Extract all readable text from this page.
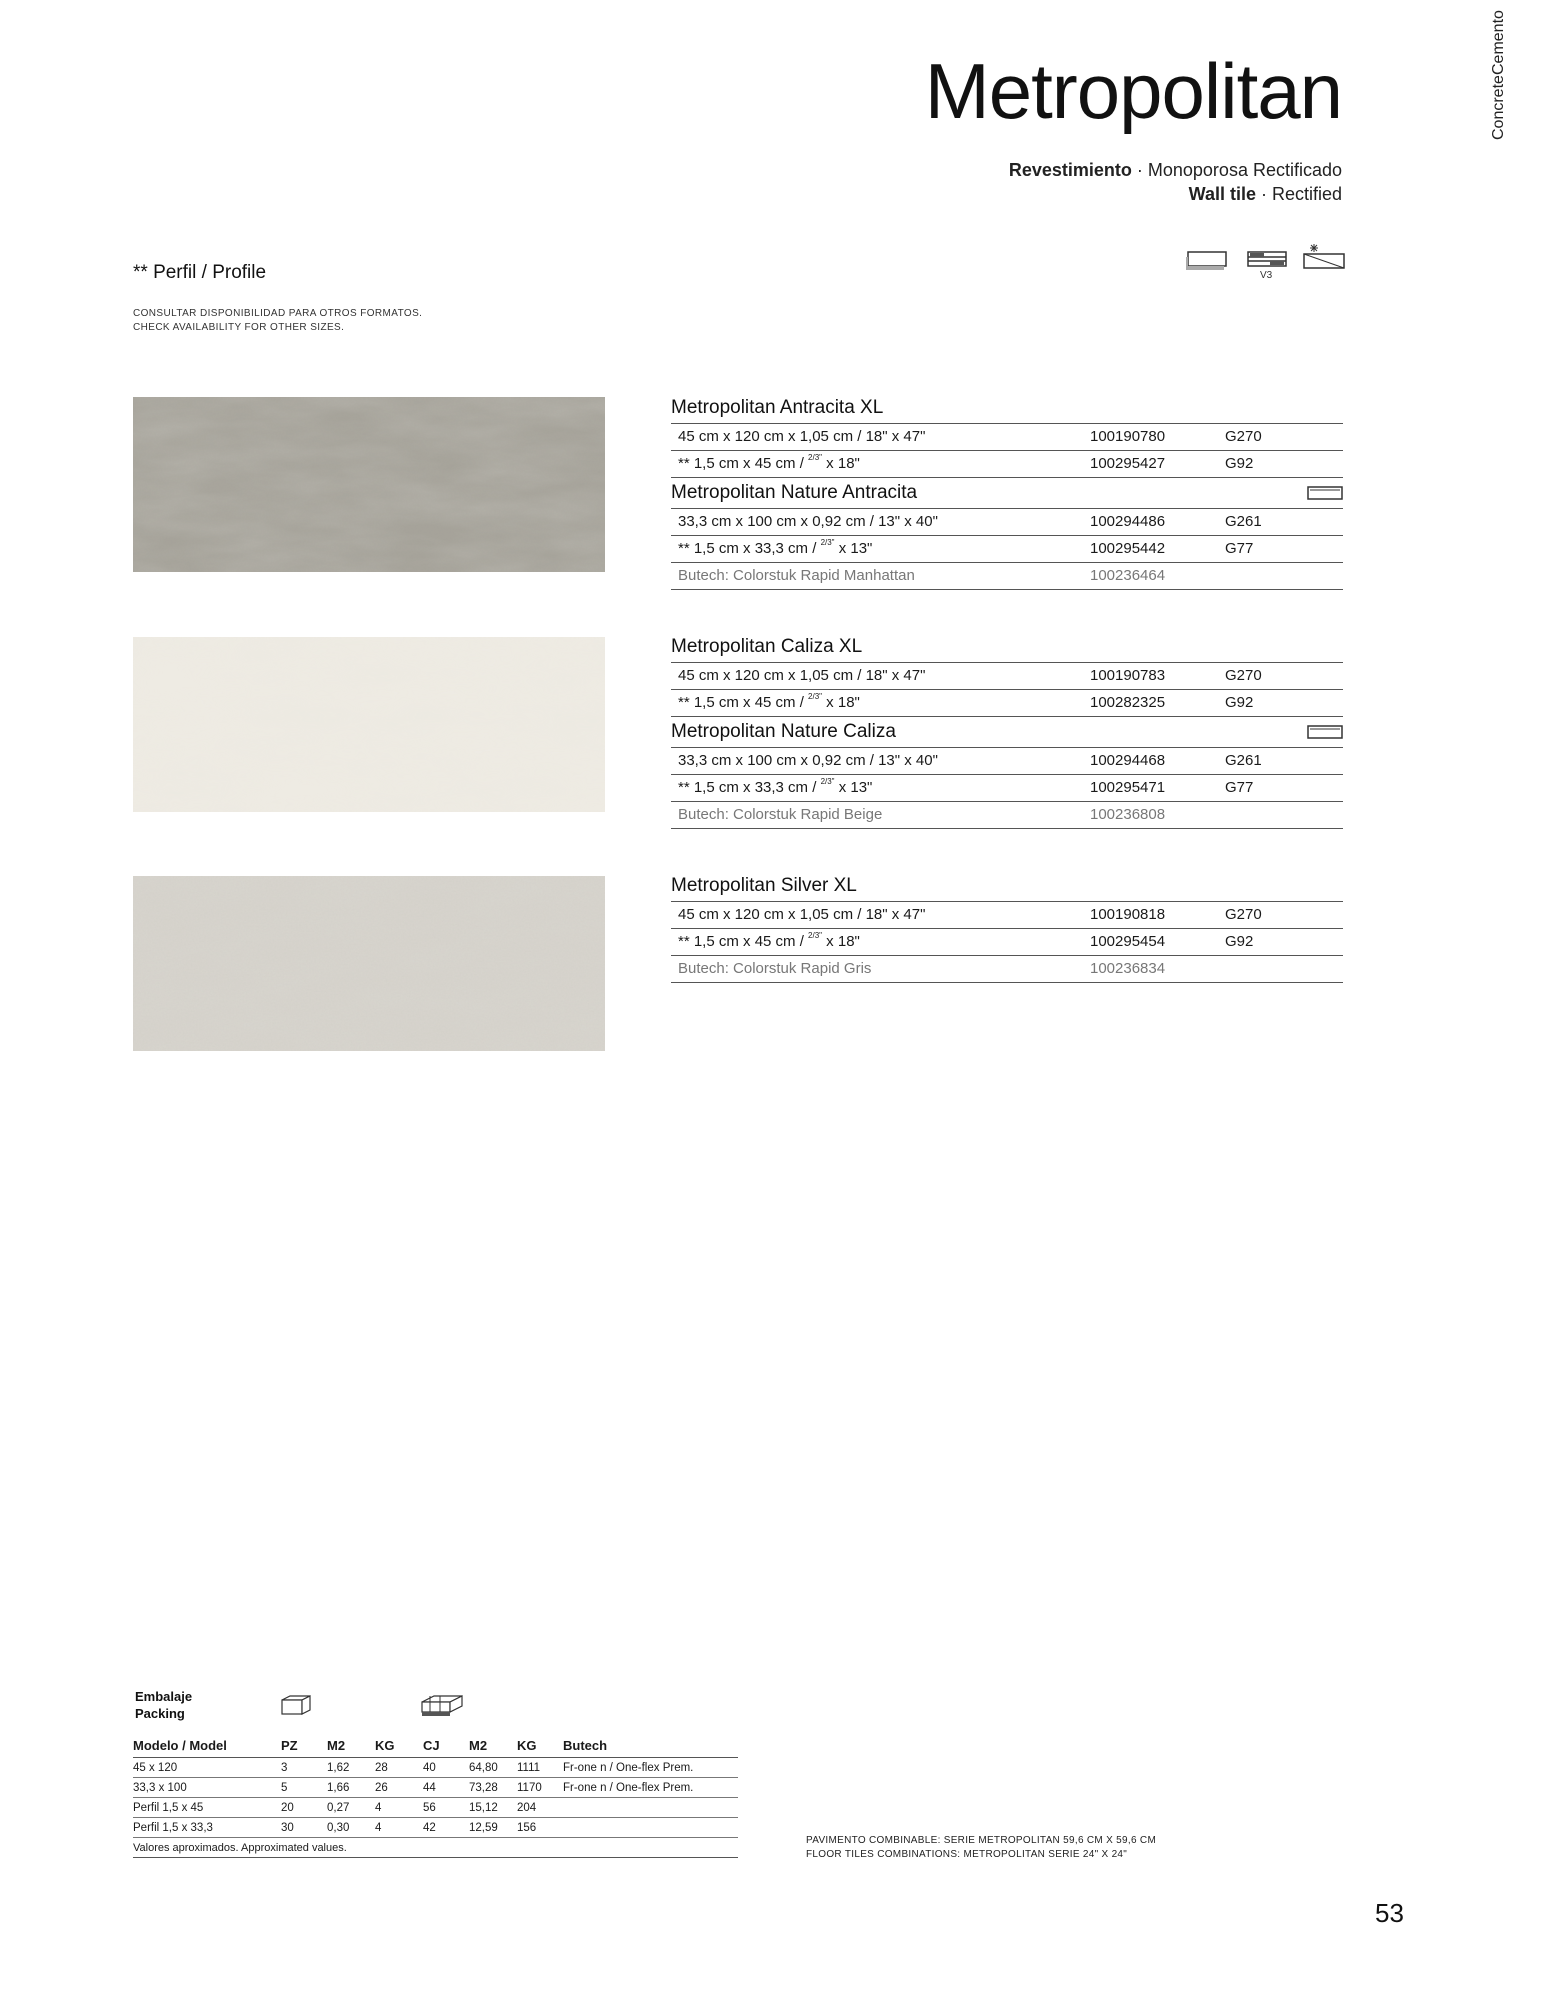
Cemento
Concrete
Metropolitan
Revestimiento · Monoporosa Rectificado
Wall tile · Rectified
V3
** Perfil / Profile
CONSULTAR DISPONIBILIDAD PARA OTROS FORMATOS.
CHECK AVAILABILITY FOR OTHER SIZES.
Metropolitan Antracita XL
45 cm x 120 cm x 1,05 cm / 18" x 47"	100190780	G270
** 1,5 cm x 45 cm / $^{2/3"}$ x 18"	100295427	G92
Metropolitan Nature Antracita
33,3 cm x 100 cm x 0,92 cm / 13" x 40"	100294486	G261
** 1,5 cm x 33,3 cm / $^{2/3"}$ x 13"	100295442	G77
Butech: Colorstuk Rapid Manhattan	100236464
Metropolitan Caliza XL
45 cm x 120 cm x 1,05 cm / 18" x 47"	100190783	G270
** 1,5 cm x 45 cm / $^{2/3"}$ x 18"	100282325	G92
Metropolitan Nature Caliza
33,3 cm x 100 cm x 0,92 cm / 13" x 40"	100294468	G261
** 1,5 cm x 33,3 cm / $^{2/3"}$ x 13"	100295471	G77
Butech: Colorstuk Rapid Beige	100236808
Metropolitan Silver XL
45 cm x 120 cm x 1,05 cm / 18" x 47"	100190818	G270
** 1,5 cm x 45 cm / $^{2/3"}$ x 18"	100295454	G92
Butech: Colorstuk Rapid Gris	100236834
Embalaje
Packing
Modelo / Model	PZ	M2	KG	CJ	M2	KG	Butech
45 x 120	3	1,62	28	40	64,80	1111	Fr-one n / One-flex Prem.
33,3 x 100	5	1,66	26	44	73,28	1170	Fr-one n / One-flex Prem.
Perfil 1,5 x 45	20	0,27	4	56	15,12	204	
Perfil 1,5 x 33,3	30	0,30	4	42	12,59	156	
Valores aproximados. Approximated values.							
PAVIMENTO COMBINABLE: SERIE METROPOLITAN 59,6 CM X 59,6 CM
FLOOR TILES COMBINATIONS: METROPOLITAN SERIE 24" X 24"
53
